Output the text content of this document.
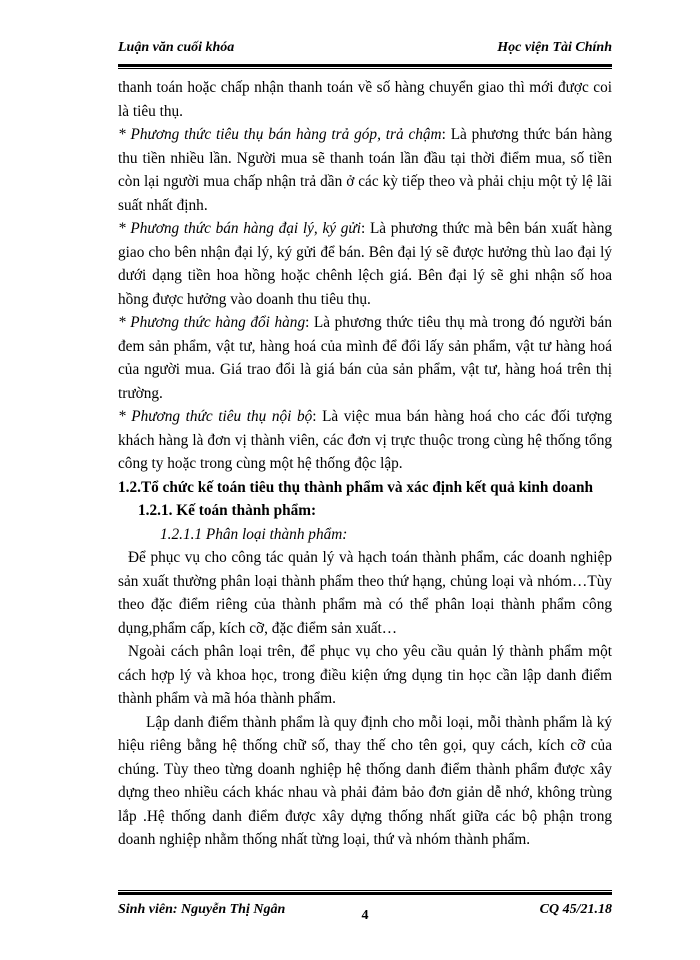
Luận văn cuối khóa	Học viện Tài Chính

thanh toán hoặc chấp nhận thanh toán về số hàng chuyển giao thì mới được coi là tiêu thụ.

* Phương thức tiêu thụ bán hàng trả góp, trả chậm: Là phương thức bán hàng thu tiền nhiều lần. Người mua sẽ thanh toán lần đầu tại thời điểm mua, số tiền còn lại người mua chấp nhận trả dần ở các kỳ tiếp theo và phải chịu một tỷ lệ lãi suất nhất định.

* Phương thức bán hàng đại lý, ký gửi: Là phương thức mà bên bán xuất hàng giao cho bên nhận đại lý, ký gửi để bán. Bên đại lý sẽ được hưởng thù lao đại lý dưới dạng tiền hoa hồng hoặc chênh lệch giá. Bên đại lý sẽ ghi nhận số hoa hồng được hưởng vào doanh thu tiêu thụ.

* Phương thức hàng đổi hàng: Là phương thức tiêu thụ mà trong đó người bán đem sản phẩm, vật tư, hàng hoá của mình để đổi lấy sản phẩm, vật tư hàng hoá của người mua. Giá trao đổi là giá bán của sản phẩm, vật tư, hàng hoá trên thị trường.

* Phương thức tiêu thụ nội bộ: Là việc mua bán hàng hoá cho các đối tượng khách hàng là đơn vị thành viên, các đơn vị trực thuộc trong cùng hệ thống tổng công ty hoặc trong cùng một hệ thống độc lập.

1.2.Tổ chức kế toán tiêu thụ thành phẩm và xác định kết quả kinh doanh

1.2.1. Kế toán thành phẩm:

1.2.1.1 Phân loại thành phẩm:

Để phục vụ cho công tác quản lý và hạch toán thành phẩm, các doanh nghiệp sản xuất thường phân loại thành phẩm theo thứ hạng, chủng loại và nhóm…Tùy theo đặc điểm riêng của thành phẩm mà có thể phân loại thành phẩm công dụng,phẩm cấp, kích cỡ, đặc điểm sản xuất…

Ngoài cách phân loại trên, để phục vụ cho yêu cầu quản lý thành phẩm một cách hợp lý và khoa học, trong điều kiện ứng dụng tin học cần lập danh điểm thành phẩm và mã hóa thành phẩm.

Lập danh điểm thành phẩm là quy định cho mỗi loại, mỗi thành phẩm là ký hiệu riêng bằng hệ thống chữ số, thay thế cho tên gọi, quy cách, kích cỡ của chúng. Tùy theo từng doanh nghiệp hệ thống danh điểm thành phẩm được xây dựng theo nhiều cách khác nhau và phải đảm bảo đơn giản dễ nhớ, không trùng lắp .Hệ thống danh điểm được xây dựng thống nhất giữa các bộ phận trong doanh nghiệp nhằm thống nhất từng loại, thứ và nhóm thành phẩm.

Sinh viên: Nguyễn Thị Ngân	4	CQ 45/21.18
